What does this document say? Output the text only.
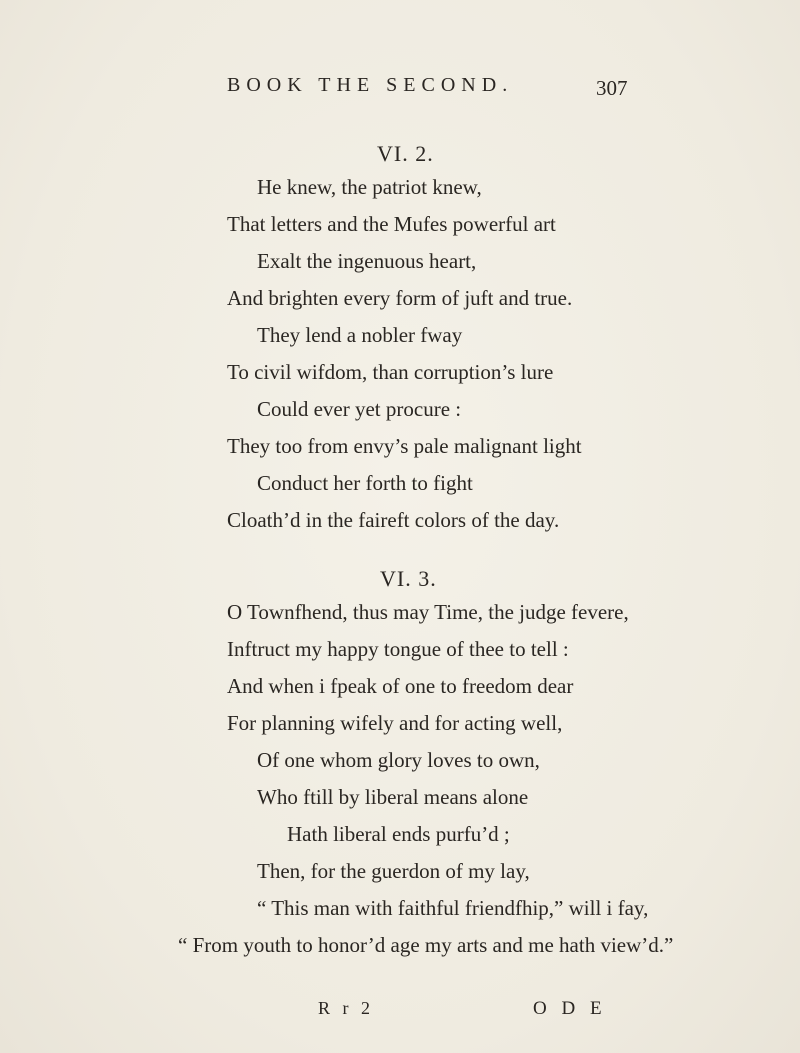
BOOK THE SECOND.	307
VI. 2.
He knew, the patriot knew,
That letters and the Mufes powerful art
Exalt the ingenuous heart,
And brighten every form of juft and true.
They lend a nobler fway
To civil wifdom, than corruption’s lure
Could ever yet procure :
They too from envy’s pale malignant light
Conduct her forth to fight
Cloath’d in the faireft colors of the day.
VI. 3.
O Townfhend, thus may Time, the judge fevere,
Inftruct my happy tongue of thee to tell :
And when i fpeak of one to freedom dear
For planning wifely and for acting well,
Of one whom glory loves to own,
Who ftill by liberal means alone
Hath liberal ends purfu’d ;
Then, for the guerdon of my lay,
“ This man with faithful friendfhip,” will i fay,
“ From youth to honor’d age my arts and me hath view’d.”
R r 2	O D E
